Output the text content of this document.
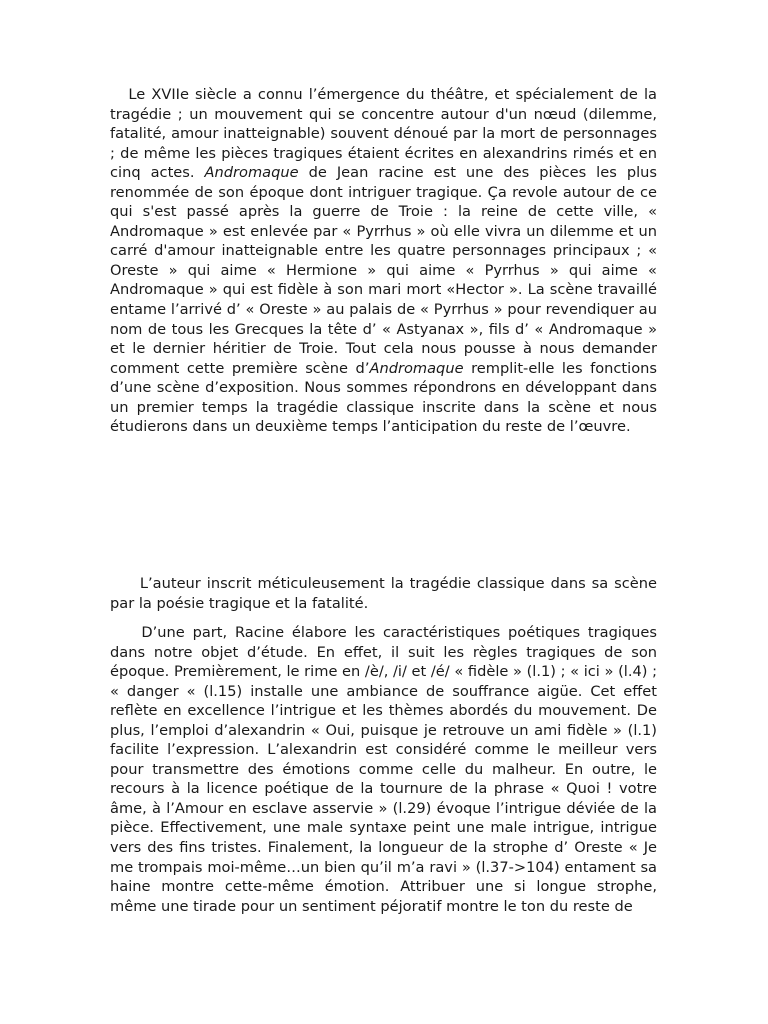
Le XVIIe siècle a connu l’émergence du théâtre, et spécialement de la tragédie ; un mouvement qui se concentre autour d'un nœud (dilemme, fatalité, amour inatteignable) souvent dénoué par la mort de personnages ; de même les pièces tragiques étaient écrites en alexandrins rimés et en cinq actes. Andromaque de Jean racine est une des pièces les plus renommée de son époque dont intriguer tragique. Ça revole autour de ce qui s'est passé après la guerre de Troie : la reine de cette ville, « Andromaque » est enlevée par « Pyrrhus » où elle vivra un dilemme et un carré d'amour inatteignable entre les quatre personnages principaux ; « Oreste » qui aime « Hermione » qui aime « Pyrrhus » qui aime « Andromaque » qui est fidèle à son mari mort «Hector ». La scène travaillé entame l’arrivé d’ « Oreste » au palais de « Pyrrhus » pour revendiquer au nom de tous les Grecques la tête d’ « Astyanax », fils d’ « Andromaque » et le dernier héritier de Troie. Tout cela nous pousse à nous demander comment cette première scène d’Andromaque remplit-elle les fonctions d’une scène d’exposition. Nous sommes répondrons en développant dans un premier temps la tragédie classique inscrite dans la scène et nous étudierons dans un deuxième temps l’anticipation du reste de l’œuvre.

L’auteur inscrit méticuleusement la tragédie classique dans sa scène par la poésie tragique et la fatalité.

D’une part, Racine élabore les caractéristiques poétiques tragiques dans notre objet d’étude. En effet, il suit les règles tragiques de son époque. Premièrement, le rime en /è/, /i/ et /é/ « fidèle » (l.1) ; « ici » (l.4) ; « danger « (l.15) installe une ambiance de souffrance aigüe. Cet effet reflète en excellence l’intrigue et les thèmes abordés du mouvement. De plus, l’emploi d’alexandrin « Oui, puisque je retrouve un ami fidèle » (l.1) facilite l’expression. L’alexandrin est considéré comme le meilleur vers pour transmettre des émotions comme celle du malheur. En outre, le recours à la licence poétique de la tournure de la phrase « Quoi ! votre âme, à l’Amour en esclave asservie » (l.29) évoque l’intrigue déviée de la pièce. Effectivement, une male syntaxe peint une male intrigue, intrigue vers des fins tristes. Finalement, la longueur de la strophe d’ Oreste « Je me trompais moi-même…un bien qu’il m’a ravi » (l.37->104) entament sa haine montre cette-même émotion. Attribuer une si longue strophe, même une tirade pour un sentiment péjoratif montre le ton du reste de
